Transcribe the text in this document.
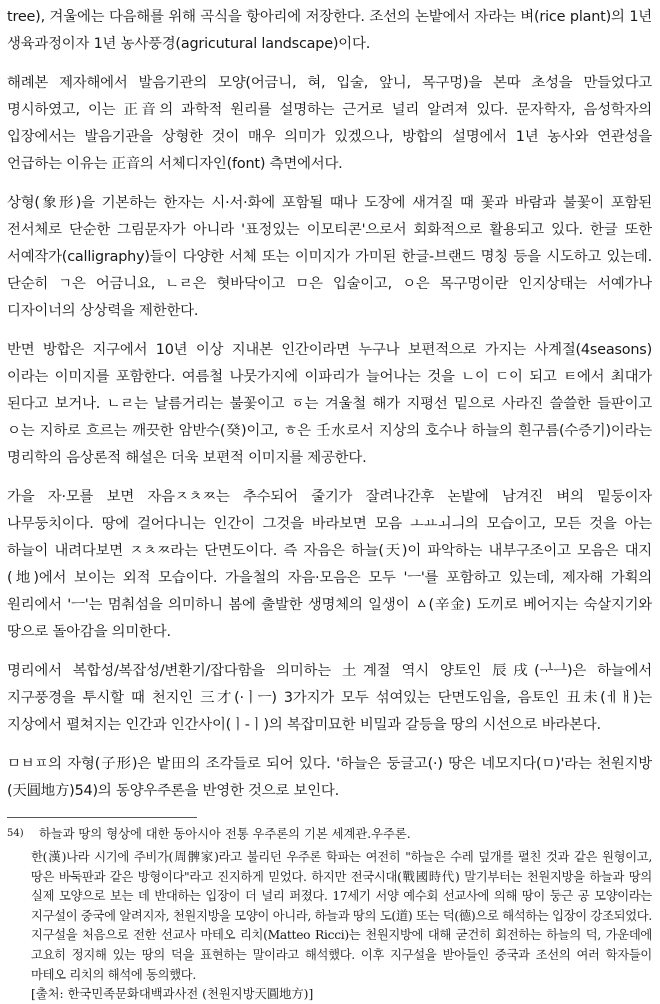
tree), 겨울에는 다음해를 위해 곡식을 항아리에 저장한다. 조선의 논밭에서 자라는 벼(rice plant)의 1년 생육과정이자 1년 농사풍경(agricutural landscape)이다.

해례본 제자해에서 발음기관의 모양(어금니, 혀, 입술, 앞니, 목구멍)을 본따 초성을 만들었다고 명시하였고, 이는 正音의 과학적 원리를 설명하는 근거로 널리 알려져 있다. 문자학자, 음성학자의 입장에서는 발음기관을 상형한 것이 매우 의미가 있겠으나, 방합의 설명에서 1년 농사와 연관성을 언급하는 이유는 正音의 서체디자인(font) 측면에서다.

상형(象形)을 기본하는 한자는 시·서·화에 포함될 때나 도장에 새겨질 때 꽃과 바람과 불꽃이 포함된 전서체로 단순한 그림문자가 아니라 '표정있는 이모티콘'으로서 회화적으로 활용되고 있다. 한글 또한 서예작가(calligraphy)들이 다양한 서체 또는 이미지가 가미된 한글-브랜드 명칭 등을 시도하고 있는데. 단순히 ㄱ은 어금니요, ㄴㄹ은 혓바닥이고 ㅁ은 입술이고, ㅇ은 목구멍이란 인지상태는 서예가나 디자이너의 상상력을 제한한다.

반면 방합은 지구에서 10년 이상 지내본 인간이라면 누구나 보편적으로 가지는 사계절(4seasons)이라는 이미지를 포함한다. 여름철 나뭇가지에 이파리가 늘어나는 것을 ㄴ이 ㄷ이 되고 ㅌ에서 최대가 된다고 보거나. ㄴㄹ는 날름거리는 불꽃이고 ㆆ는 겨울철 해가 지평선 밑으로 사라진 쓸쓸한 들판이고 ㅇ는 지하로 흐르는 깨끗한 암반수(癸)이고, ㅎ은 壬水로서 지상의 호수나 하늘의 흰구름(수증기)이라는 명리학의 음상론적 해설은 더욱 보편적 이미지를 제공한다.

가을 자·모를 보면 자음ㅈㅊㅉ는 추수되어 줄기가 잘려나간후 논밭에 남겨진 벼의 밑둥이자 나무둥치이다. 땅에 걸어다니는 인간이 그것을 바라보면 모음 ㅗㅛㅚㅢ의 모습이고, 모든 것을 아는 하늘이 내려다보면 ㅈㅊㅉ라는 단면도이다. 즉 자음은 하늘(天)이 파악하는 내부구조이고 모음은 대지(地)에서 보이는 외적 모습이다. 가을철의 자음·모음은 모두 'ㅡ'를 포함하고 있는데, 제자해 가획의 원리에서 'ㅡ'는 멈춰섬을 의미하니 봄에 출발한 생명체의 일생이 ㅿ(辛金) 도끼로 베어지는 숙살지기와 땅으로 돌아감을 의미한다.

명리에서 복합성/복잡성/변환기/잡다함을 의미하는 土계절 역시 양토인 辰戌(ᆛᆜ)은 하늘에서 지구풍경을 투시할 때 천지인 三才(·ㅣㅡ) 3가지가 모두 섞여있는 단면도임을, 음토인 丑未(ㅔㅐ)는 지상에서 펼쳐지는 인간과 인간사이(ㅣ-ㅣ)의 복잡미묘한 비밀과 갈등을 땅의 시선으로 바라본다.

ㅁㅂㅍ의 자형(子形)은 밭田의 조각들로 되어 있다. '하늘은 둥글고(·) 땅은 네모지다(ㅁ)'라는 천원지방(天圓地方)54)의 동양우주론을 반영한 것으로 보인다.

54)	하늘과 땅의 형상에 대한 동아시아 전통 우주론의 기본 세계관.우주론.
한(漢)나라 시기에 주비가(周髀家)라고 불리던 우주론 학파는 여전히 "하늘은 수레 덮개를 펼친 것과 같은 원형이고, 땅은 바둑판과 같은 방형이다"라고 진지하게 믿었다. 하지만 전국시대(戰國時代) 말기부터는 천원지방을 하늘과 땅의 실제 모양으로 보는 데 반대하는 입장이 더 널리 퍼졌다. 17세기 서양 예수회 선교사에 의해 땅이 둥근 공 모양이라는 지구설이 중국에 알려지자, 천원지방을 모양이 아니라, 하늘과 땅의 도(道) 또는 덕(德)으로 해석하는 입장이 강조되었다. 지구설을 처음으로 전한 선교사 마테오 리치(Matteo Ricci)는 천원지방에 대해 굳건히 회전하는 하늘의 덕, 가운데에 고요히 정지해 있는 땅의 덕을 표현하는 말이라고 해석했다. 이후 지구설을 받아들인 중국과 조선의 여러 학자들이 마테오 리치의 해석에 동의했다.
[출처: 한국민족문화대백과사전 (천원지방天圓地方)]
